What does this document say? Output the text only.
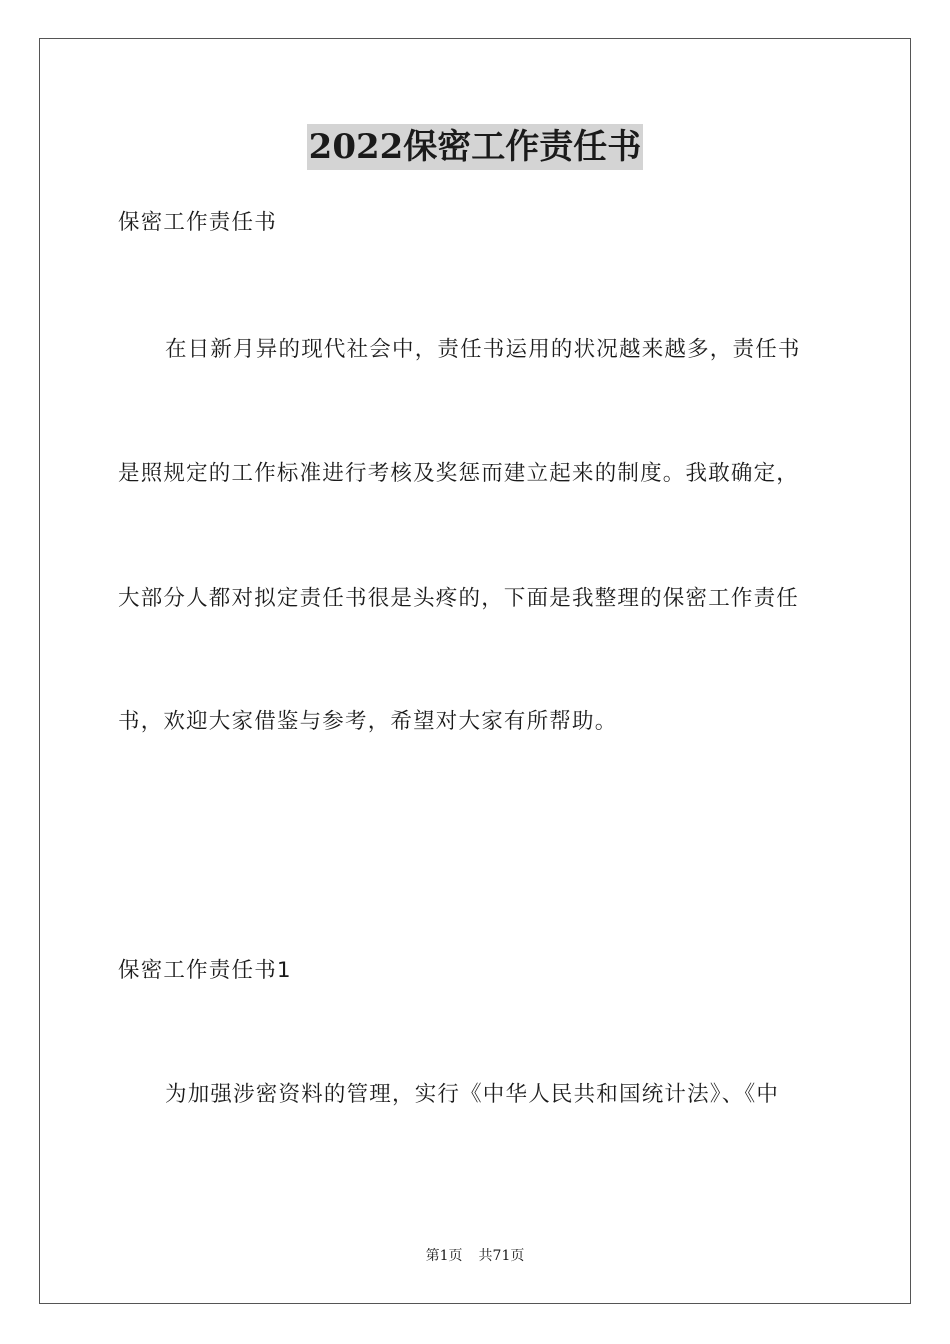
2022保密工作责任书
保密工作责任书
在日新月异的现代社会中，责任书运用的状况越来越多，责任书
是照规定的工作标准进行考核及奖惩而建立起来的制度。我敢确定，
大部分人都对拟定责任书很是头疼的，下面是我整理的保密工作责任
书，欢迎大家借鉴与参考，希望对大家有所帮助。
保密工作责任书1
为加强涉密资料的管理，实行《中华人民共和国统计法》、《中
第1页 共71页
